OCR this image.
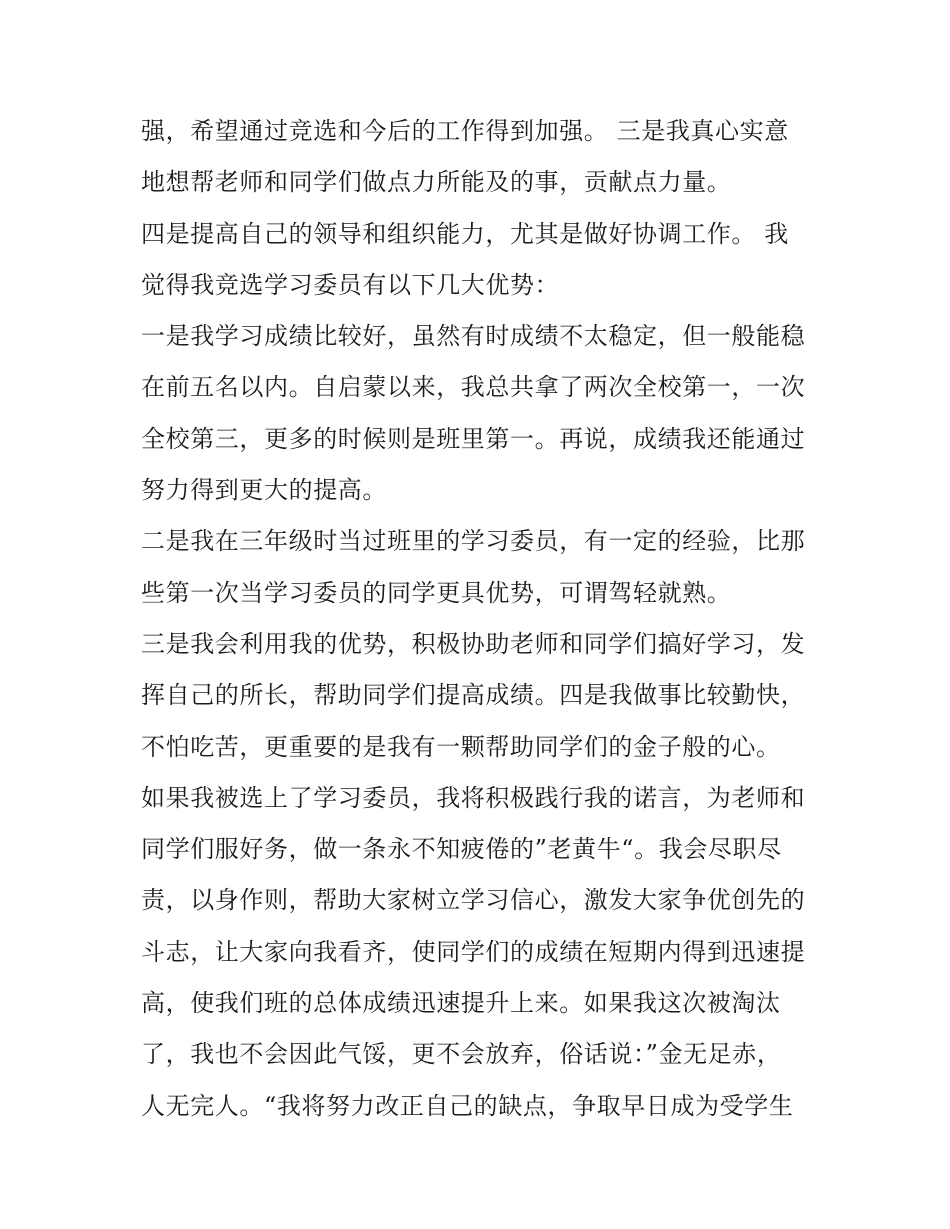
强，希望通过竞选和今后的工作得到加强。 三是我真心实意
地想帮老师和同学们做点力所能及的事，贡献点力量。
四是提高自己的领导和组织能力，尤其是做好协调工作。 我
觉得我竞选学习委员有以下几大优势：
一是我学习成绩比较好，虽然有时成绩不太稳定，但一般能稳
在前五名以内。自启蒙以来，我总共拿了两次全校第一，一次
全校第三，更多的时候则是班里第一。再说，成绩我还能通过
努力得到更大的提高。
二是我在三年级时当过班里的学习委员，有一定的经验，比那
些第一次当学习委员的同学更具优势，可谓驾轻就熟。
三是我会利用我的优势，积极协助老师和同学们搞好学习，发
挥自己的所长，帮助同学们提高成绩。四是我做事比较勤快，
不怕吃苦，更重要的是我有一颗帮助同学们的金子般的心。
如果我被选上了学习委员，我将积极践行我的诺言，为老师和
同学们服好务，做一条永不知疲倦的”老黄牛“。我会尽职尽
责，以身作则，帮助大家树立学习信心，激发大家争优创先的
斗志，让大家向我看齐，使同学们的成绩在短期内得到迅速提
高，使我们班的总体成绩迅速提升上来。如果我这次被淘汰
了，我也不会因此气馁，更不会放弃，俗话说：”金无足赤，
人无完人。“我将努力改正自己的缺点，争取早日成为受学生
